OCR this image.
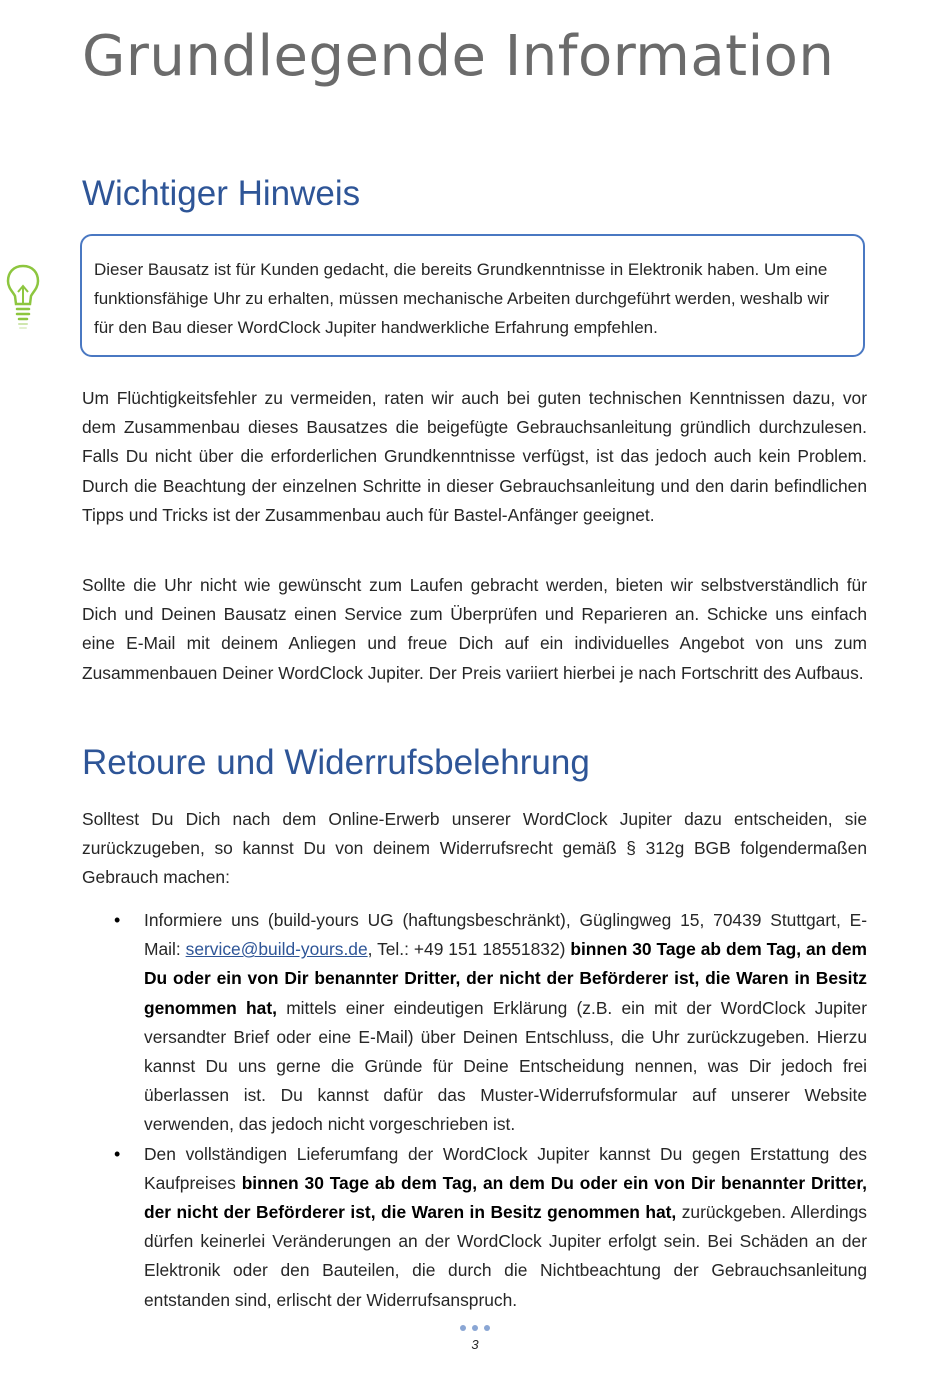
Grundlegende Information
Wichtiger Hinweis

Dieser Bausatz ist für Kunden gedacht, die bereits Grundkenntnisse in Elektronik haben. Um eine funktionsfähige Uhr zu erhalten, müssen mechanische Arbeiten durchgeführt werden, weshalb wir für den Bau dieser WordClock Jupiter handwerkliche Erfahrung empfehlen.

Um Flüchtigkeitsfehler zu vermeiden, raten wir auch bei guten technischen Kenntnissen dazu, vor dem Zusammenbau dieses Bausatzes die beigefügte Gebrauchsanleitung gründlich durchzulesen. Falls Du nicht über die erforderlichen Grundkenntnisse verfügst, ist das jedoch auch kein Problem. Durch die Beachtung der einzelnen Schritte in dieser Gebrauchsanleitung und den darin befindlichen Tipps und Tricks ist der Zusammenbau auch für Bastel-Anfänger geeignet.

Sollte die Uhr nicht wie gewünscht zum Laufen gebracht werden, bieten wir selbstverständlich für Dich und Deinen Bausatz einen Service zum Überprüfen und Reparieren an. Schicke uns einfach eine E-Mail mit deinem Anliegen und freue Dich auf ein individuelles Angebot von uns zum Zusammenbauen Deiner WordClock Jupiter. Der Preis variiert hierbei je nach Fortschritt des Aufbaus.

Retoure und Widerrufsbelehrung

Solltest Du Dich nach dem Online-Erwerb unserer WordClock Jupiter dazu entscheiden, sie zurückzugeben, so kannst Du von deinem Widerrufsrecht gemäß § 312g BGB folgendermaßen Gebrauch machen:

• Informiere uns (build-yours UG (haftungsbeschränkt), Güglingweg 15, 70439 Stuttgart, E-Mail: service@build-yours.de, Tel.: +49 151 18551832) binnen 30 Tage ab dem Tag, an dem Du oder ein von Dir benannter Dritter, der nicht der Beförderer ist, die Waren in Besitz genommen hat, mittels einer eindeutigen Erklärung (z.B. ein mit der WordClock Jupiter versandter Brief oder eine E-Mail) über Deinen Entschluss, die Uhr zurückzugeben. Hierzu kannst Du uns gerne die Gründe für Deine Entscheidung nennen, was Dir jedoch frei überlassen ist. Du kannst dafür das Muster-Widerrufsformular auf unserer Website verwenden, das jedoch nicht vorgeschrieben ist.
• Den vollständigen Lieferumfang der WordClock Jupiter kannst Du gegen Erstattung des Kaufpreises binnen 30 Tage ab dem Tag, an dem Du oder ein von Dir benannter Dritter, der nicht der Beförderer ist, die Waren in Besitz genommen hat, zurückgeben. Allerdings dürfen keinerlei Veränderungen an der WordClock Jupiter erfolgt sein. Bei Schäden an der Elektronik oder den Bauteilen, die durch die Nichtbeachtung der Gebrauchsanleitung entstanden sind, erlischt der Widerrufsanspruch.
3
